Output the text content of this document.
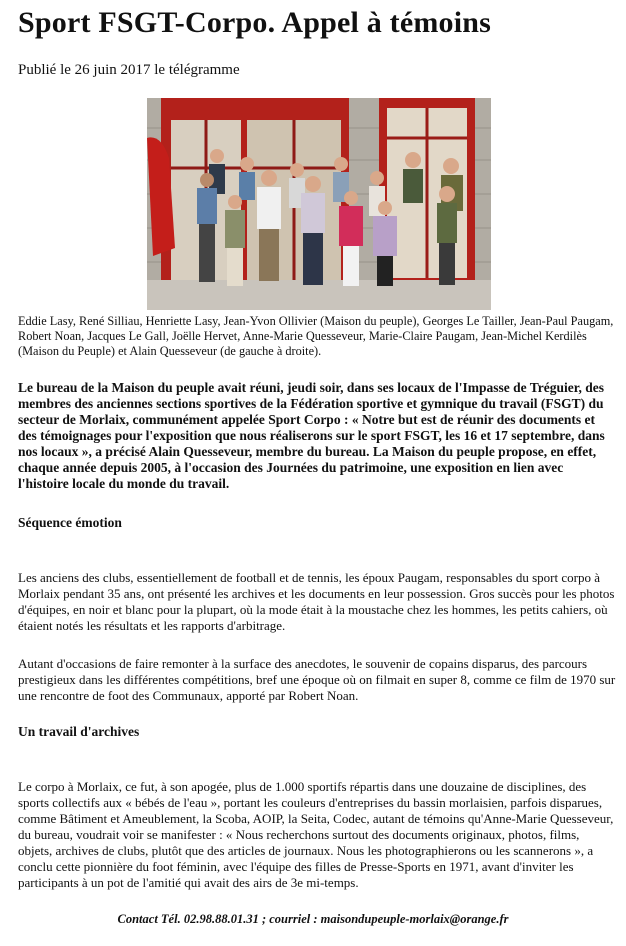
Sport FSGT-Corpo. Appel à témoins
Publié le 26 juin 2017 le télégramme
Eddie Lasy, René Silliau, Henriette Lasy, Jean-Yvon Ollivier (Maison du peuple), Georges Le Tailler, Jean-Paul Paugam, Robert Noan, Jacques Le Gall, Joëlle Hervet, Anne-Marie Quesseveur, Marie-Claire Paugam, Jean-Michel Kerdilès (Maison du Peuple) et Alain Quesseveur (de gauche à droite).
Le bureau de la Maison du peuple avait réuni, jeudi soir, dans ses locaux de l'Impasse de Tréguier, des membres des anciennes sections sportives de la Fédération sportive et gymnique du travail (FSGT) du secteur de Morlaix, communément appelée Sport Corpo : « Notre but est de réunir des documents et des témoignages pour l'exposition que nous réaliserons sur le sport FSGT, les 16 et 17 septembre, dans nos locaux », a précisé Alain Quesseveur, membre du bureau. La Maison du peuple propose, en effet, chaque année depuis 2005, à l'occasion des Journées du patrimoine, une exposition en lien avec l'histoire locale du monde du travail.
Séquence émotion
Les anciens des clubs, essentiellement de football et de tennis, les époux Paugam, responsables du sport corpo à Morlaix pendant 35 ans, ont présenté les archives et les documents en leur possession. Gros succès pour les photos d'équipes, en noir et blanc pour la plupart, où la mode était à la moustache chez les hommes, les petits cahiers, où étaient notés les résultats et les rapports d'arbitrage.
Autant d'occasions de faire remonter à la surface des anecdotes, le souvenir de copains disparus, des parcours prestigieux dans les différentes compétitions, bref une époque où on filmait en super 8, comme ce film de 1970 sur une rencontre de foot des Communaux, apporté par Robert Noan.
Un travail d'archives
Le corpo à Morlaix, ce fut, à son apogée, plus de 1.000 sportifs répartis dans une douzaine de disciplines, des sports collectifs aux « bébés de l'eau », portant les couleurs d'entreprises du bassin morlaisien, parfois disparues, comme Bâtiment et Ameublement, la Scoba, AOIP, la Seita, Codec, autant de témoins qu'Anne-Marie Quesseveur, du bureau, voudrait voir se manifester : « Nous recherchons surtout des documents originaux, photos, films, objets, archives de clubs, plutôt que des articles de journaux. Nous les photographierons ou les scannerons », a conclu cette pionnière du foot féminin, avec l'équipe des filles de Presse-Sports en 1971, avant d'inviter les participants à un pot de l'amitié qui avait des airs de 3e mi-temps.
Contact Tél. 02.98.88.01.31 ; courriel : maisondupeuple-morlaix@orange.fr
